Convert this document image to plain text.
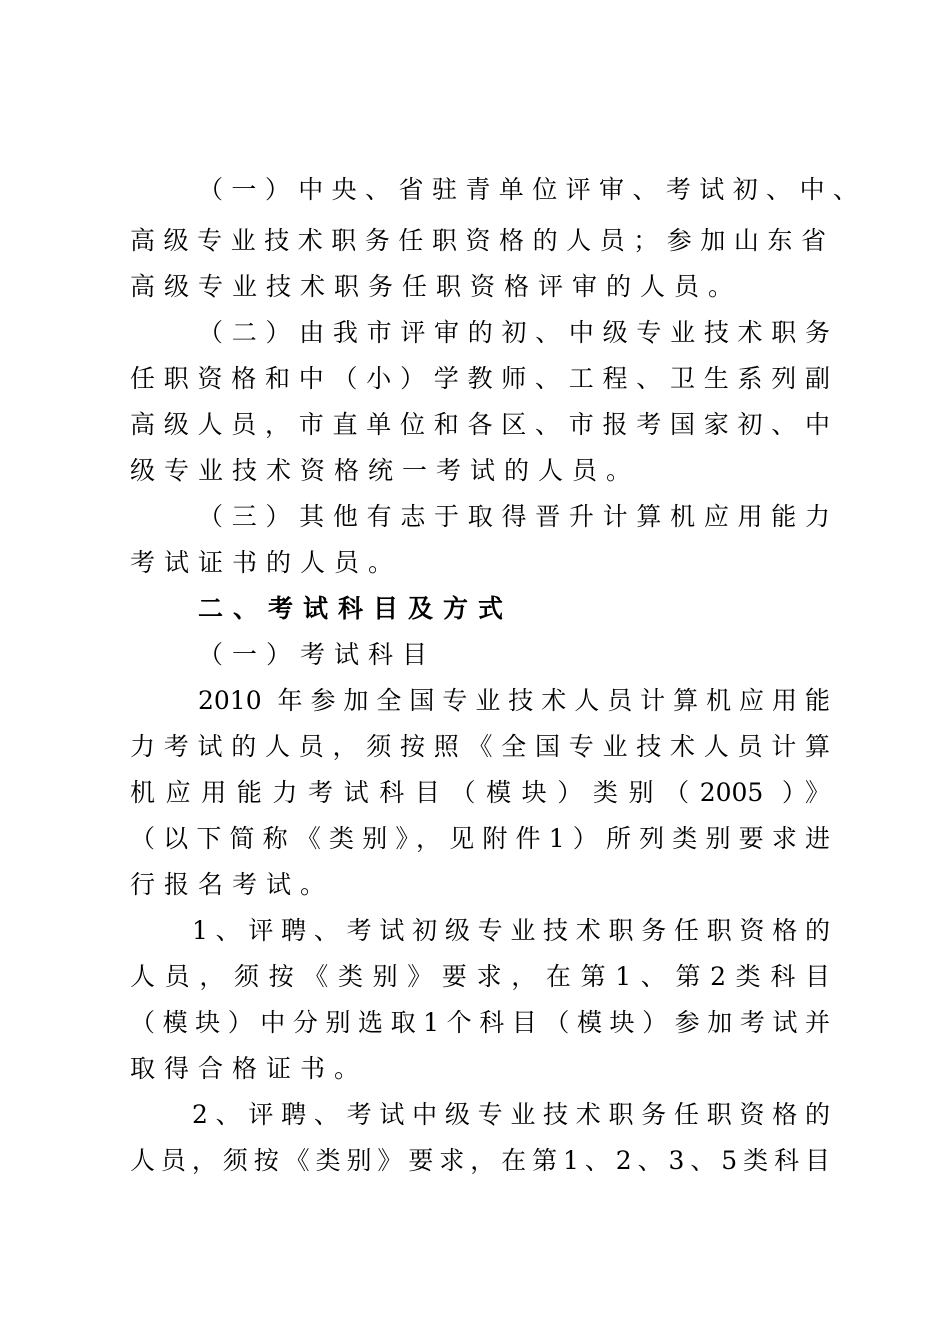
（一）中央、省驻青单位评审、考试初、中、
高级专业技术职务任职资格的人员；参加山东省
高级专业技术职务任职资格评审的人员。
（二）由我市评审的初、中级专业技术职务
任职资格和中（小）学教师、工程、卫生系列副
高级人员，市直单位和各区、市报考国家初、中
级专业技术资格统一考试的人员。
（三）其他有志于取得晋升计算机应用能力
考试证书的人员。
二、考试科目及方式
（一）考试科目
2010 年参加全国专业技术人员计算机应用能
力考试的人员，须按照《全国专业技术人员计算
机应用能力考试科目（模块）类别（2005 ）》
（以下简称《类别》，见附件1）所列类别要求进
行报名考试。
1、评聘、考试初级专业技术职务任职资格的
人员，须按《类别》要求，在第1、第2类科目
（模块）中分别选取1个科目（模块）参加考试并
取得合格证书。
2、评聘、考试中级专业技术职务任职资格的
人员，须按《类别》要求，在第1、2、3、5类科目
